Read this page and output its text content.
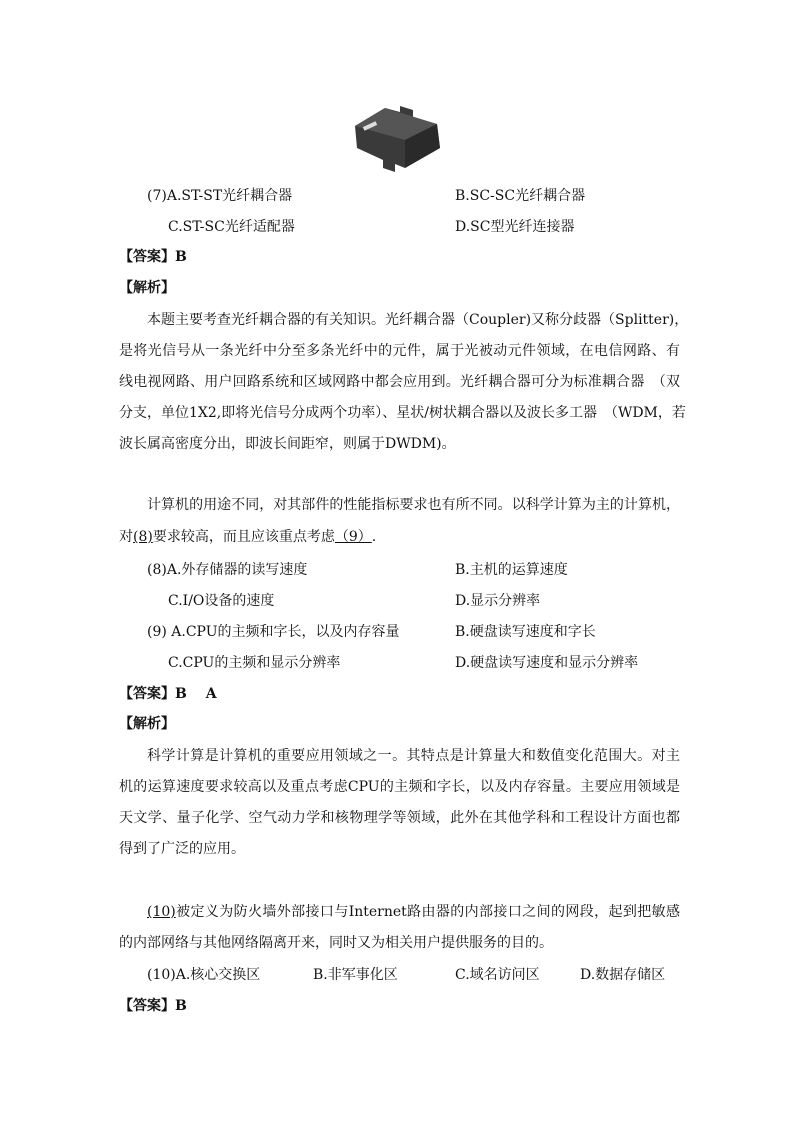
(7)A.ST-ST光纤耦合器	B.SC-SC光纤耦合器
C.ST-SC光纤适配器	D.SC型光纤连接器
【答案】B
【解析】
本题主要考查光纤耦合器的有关知识。光纤耦合器（Coupler)又称分歧器（Splitter)，
是将光信号从一条光纤中分至多条光纤中的元件，属于光被动元件领域，在电信网路、有
线电视网路、用户回路系统和区域网路中都会应用到。光纤耦合器可分为标准耦合器　（双
分支，单位1X2,即将光信号分成两个功率）、星状/树状耦合器以及波长多工器　（WDM，若
波长属高密度分出，即波长间距窄，则属于DWDM)。
计算机的用途不同，对其部件的性能指标要求也有所不同。以科学计算为主的计算机，
对(8)要求较高，而且应该重点考虑（9）.
(8)A.外存储器的读写速度	B.主机的运算速度
C.I/O设备的速度	D.显示分辨率
(9) A.CPU的主频和字长，以及内存容量	B.硬盘读写速度和字长
C.CPU的主频和显示分辨率	D.硬盘读写速度和显示分辨率
【答案】B　 A
【解析】
科学计算是计算机的重要应用领域之一。其特点是计算量大和数值变化范围大。对主
机的运算速度要求较高以及重点考虑CPU的主频和字长，以及内存容量。主要应用领域是
天文学、量子化学、空气动力学和核物理学等领域，此外在其他学科和工程设计方面也都
得到了广泛的应用。
(10)被定义为防火墙外部接口与Internet路由器的内部接口之间的网段，起到把敏感
的内部网络与其他网络隔离开来，同时又为相关用户提供服务的目的。
(10)A.核心交换区	B.非军事化区	C.域名访问区	D.数据存储区
【答案】B
